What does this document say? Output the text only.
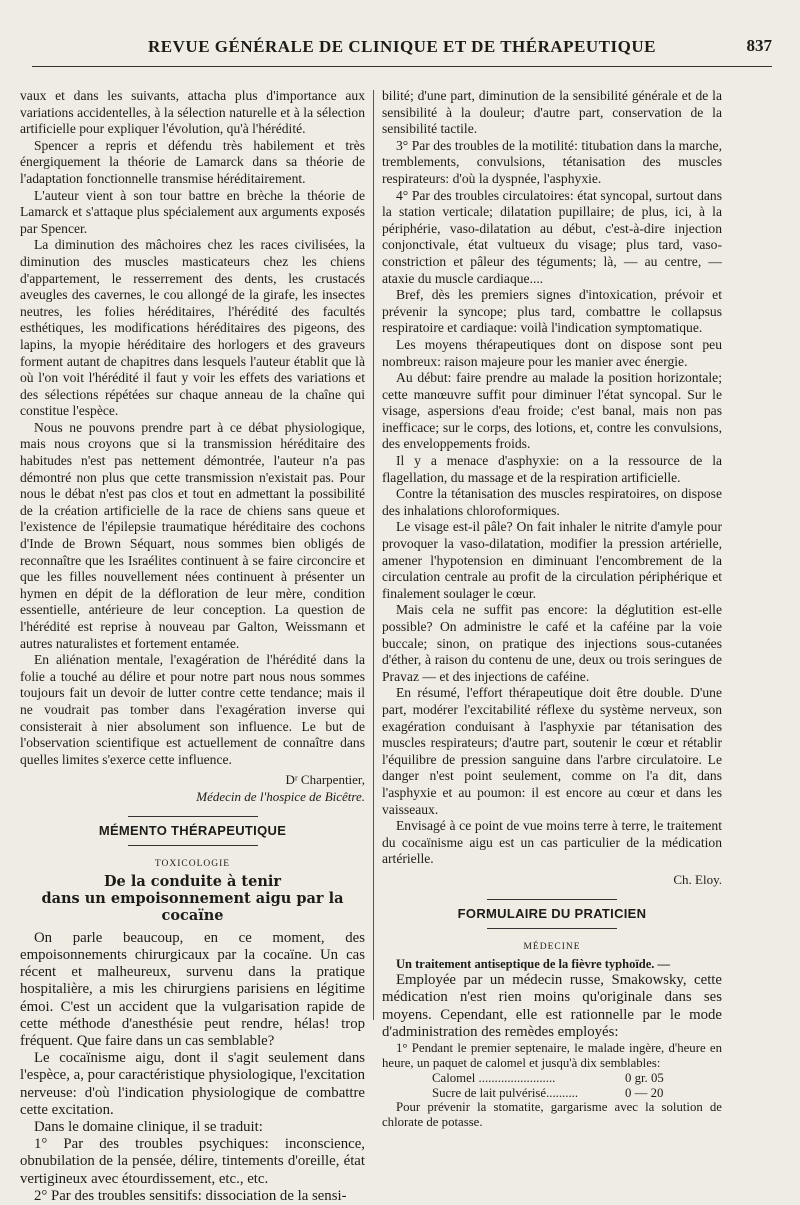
REVUE GÉNÉRALE DE CLINIQUE ET DE THÉRAPEUTIQUE	837

vaux et dans les suivants, attacha plus d'importance aux variations accidentelles, à la sélection naturelle et à la sélection artificielle pour expliquer l'évolution, qu'à l'hérédité.

Spencer a repris et défendu très habilement et très énergiquement la théorie de Lamarck dans sa théorie de l'adaptation fonctionnelle transmise héréditairement.

L'auteur vient à son tour battre en brèche la théorie de Lamarck et s'attaque plus spécialement aux arguments exposés par Spencer.

La diminution des mâchoires chez les races civilisées, la diminution des muscles masticateurs chez les chiens d'appartement, le resserrement des dents, les crustacés aveugles des cavernes, le cou allongé de la girafe, les insectes neutres, les folies héréditaires, l'hérédité des facultés esthétiques, les modifications héréditaires des pigeons, des lapins, la myopie héréditaire des horlogers et des graveurs forment autant de chapitres dans lesquels l'auteur établit que là où l'on voit l'hérédité il faut y voir les effets des variations et des sélections répétées sur chaque anneau de la chaîne qui constitue l'espèce.

Nous ne pouvons prendre part à ce débat physiologique, mais nous croyons que si la transmission héréditaire des habitudes n'est pas nettement démontrée, l'auteur n'a pas démontré non plus que cette transmission n'existait pas. Pour nous le débat n'est pas clos et tout en admettant la possibilité de la création artificielle de la race de chiens sans queue et l'existence de l'épilepsie traumatique héréditaire des cochons d'Inde de Brown Séquart, nous sommes bien obligés de reconnaître que les Israélites continuent à se faire circoncire et que les filles nouvellement nées continuent à présenter un hymen en dépit de la défloration de leur mère, condition essentielle, antérieure de leur conception. La question de l'hérédité est reprise à nouveau par Galton, Weissmann et autres naturalistes et fortement entamée.

En aliénation mentale, l'exagération de l'hérédité dans la folie a touché au délire et pour notre part nous nous sommes toujours fait un devoir de lutter contre cette tendance; mais il ne voudrait pas tomber dans l'exagération inverse qui consisterait à nier absolument son influence. Le but de l'observation scientifique est actuellement de connaître dans quelles limites s'exerce cette influence.

Dʳ Charpentier,
Médecin de l'hospice de Bicêtre.
MÉMENTO THÉRAPEUTIQUE
TOXICOLOGIE
De la conduite à tenir
dans un empoisonnement aigu par la cocaïne

On parle beaucoup, en ce moment, des empoisonnements chirurgicaux par la cocaïne. Un cas récent et malheureux, survenu dans la pratique hospitalière, a mis les chirurgiens parisiens en légitime émoi. C'est un accident que la vulgarisation rapide de cette méthode d'anesthésie peut rendre, hélas! trop fréquent. Que faire dans un cas semblable?

Le cocaïnisme aigu, dont il s'agit seulement dans l'espèce, a, pour caractéristique physiologique, l'excitation nerveuse: d'où l'indication physiologique de combattre cette excitation.

Dans le domaine clinique, il se traduit:

1° Par des troubles psychiques: inconscience, obnubilation de la pensée, délire, tintements d'oreille, état vertigineux avec étourdissement, etc., etc.

2° Par des troubles sensitifs: dissociation de la sensi-

bilité; d'une part, diminution de la sensibilité générale et de la sensibilité à la douleur; d'autre part, conservation de la sensibilité tactile.

3° Par des troubles de la motilité: titubation dans la marche, tremblements, convulsions, tétanisation des muscles respirateurs: d'où la dyspnée, l'asphyxie.

4° Par des troubles circulatoires: état syncopal, surtout dans la station verticale; dilatation pupillaire; de plus, ici, à la périphérie, vaso-dilatation au début, c'est-à-dire injection conjonctivale, état vultueux du visage; plus tard, vaso-constriction et pâleur des téguments; là, — au centre, — ataxie du muscle cardiaque....

Bref, dès les premiers signes d'intoxication, prévoir et prévenir la syncope; plus tard, combattre le collapsus respiratoire et cardiaque: voilà l'indication symptomatique.

Les moyens thérapeutiques dont on dispose sont peu nombreux: raison majeure pour les manier avec énergie.

Au début: faire prendre au malade la position horizontale; cette manœuvre suffit pour diminuer l'état syncopal. Sur le visage, aspersions d'eau froide; c'est banal, mais non pas inefficace; sur le corps, des lotions, et, contre les convulsions, des enveloppements froids.

Il y a menace d'asphyxie: on a la ressource de la flagellation, du massage et de la respiration artificielle.

Contre la tétanisation des muscles respiratoires, on dispose des inhalations chloroformiques.

Le visage est-il pâle? On fait inhaler le nitrite d'amyle pour provoquer la vaso-dilatation, modifier la pression artérielle, amener l'hypotension en diminuant l'encombrement de la circulation centrale au profit de la circulation périphérique et finalement soulager le cœur.

Mais cela ne suffit pas encore: la déglutition est-elle possible? On administre le café et la caféine par la voie buccale; sinon, on pratique des injections sous-cutanées d'éther, à raison du contenu de une, deux ou trois seringues de Pravaz — et des injections de caféine.

En résumé, l'effort thérapeutique doit être double. D'une part, modérer l'excitabilité réflexe du système nerveux, son exagération conduisant à l'asphyxie par tétanisation des muscles respirateurs; d'autre part, soutenir le cœur et rétablir l'équilibre de pression sanguine dans l'arbre circulatoire. Le danger n'est point seulement, comme on l'a dit, dans l'asphyxie et au poumon: il est encore au cœur et dans les vaisseaux.

Envisagé à ce point de vue moins terre à terre, le traitement du cocaïnisme aigu est un cas particulier de la médication artérielle.

Ch. Eloy.
FORMULAIRE DU PRATICIEN
MÉDECINE

Un traitement antiseptique de la fièvre typhoïde. —

Employée par un médecin russe, Smakowsky, cette médication n'est rien moins qu'originale dans ses moyens. Cependant, elle est rationnelle par le mode d'administration des remèdes employés:

1° Pendant le premier septenaire, le malade ingère, d'heure en heure, un paquet de calomel et jusqu'à dix semblables:

Calomel ........................	0 gr. 05
Sucre de lait pulvérisé..........	0 — 20

Pour prévenir la stomatite, gargarisme avec la solution de chlorate de potasse.
